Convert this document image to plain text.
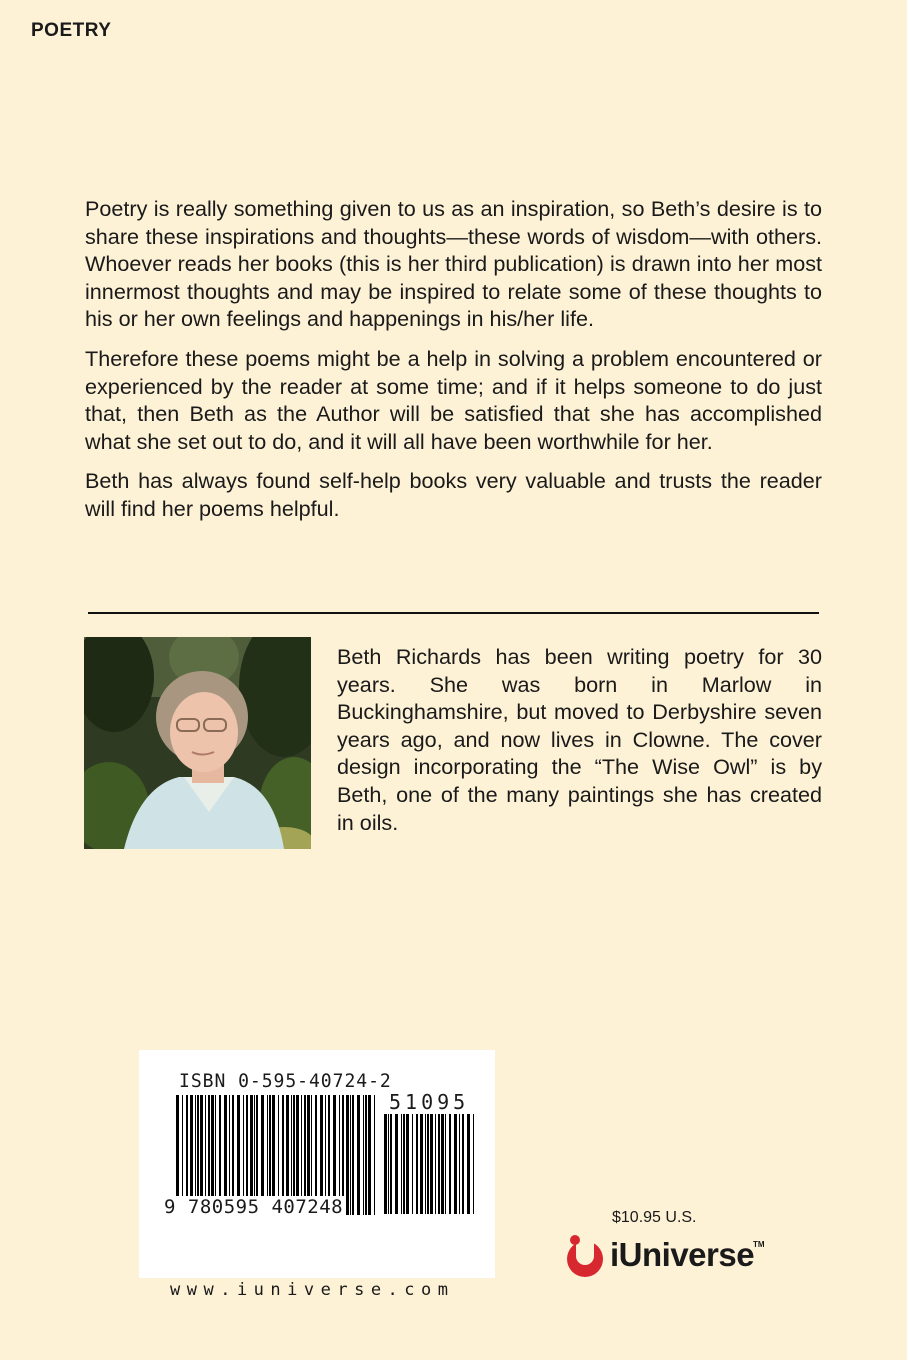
POETRY

Poetry is really something given to us as an inspiration, so Beth’s desire is to share these inspirations and thoughts—these words of wisdom—with others. Whoever reads her books (this is her third publication) is drawn into her most innermost thoughts and may be inspired to relate some of these thoughts to his or her own feelings and happenings in his/her life.

Therefore these poems might be a help in solving a problem encountered or experienced by the reader at some time; and if it helps someone to do just that, then Beth as the Author will be satisfied that she has accomplished what she set out to do, and it will all have been worthwhile for her.

Beth has always found self-help books very valuable and trusts the reader will find her poems helpful.

Beth Richards has been writing poetry for 30 years. She was born in Marlow in Buckinghamshire, but moved to Derbyshire seven years ago, and now lives in Clowne. The cover design incorporating the “The Wise Owl” is by Beth, one of the many paintings she has created in oils.
ISBN 0-595-40724-2
51095
9 780595 407248
www.iuniverse.com
$10.95 U.S.
iUniverse
TM
